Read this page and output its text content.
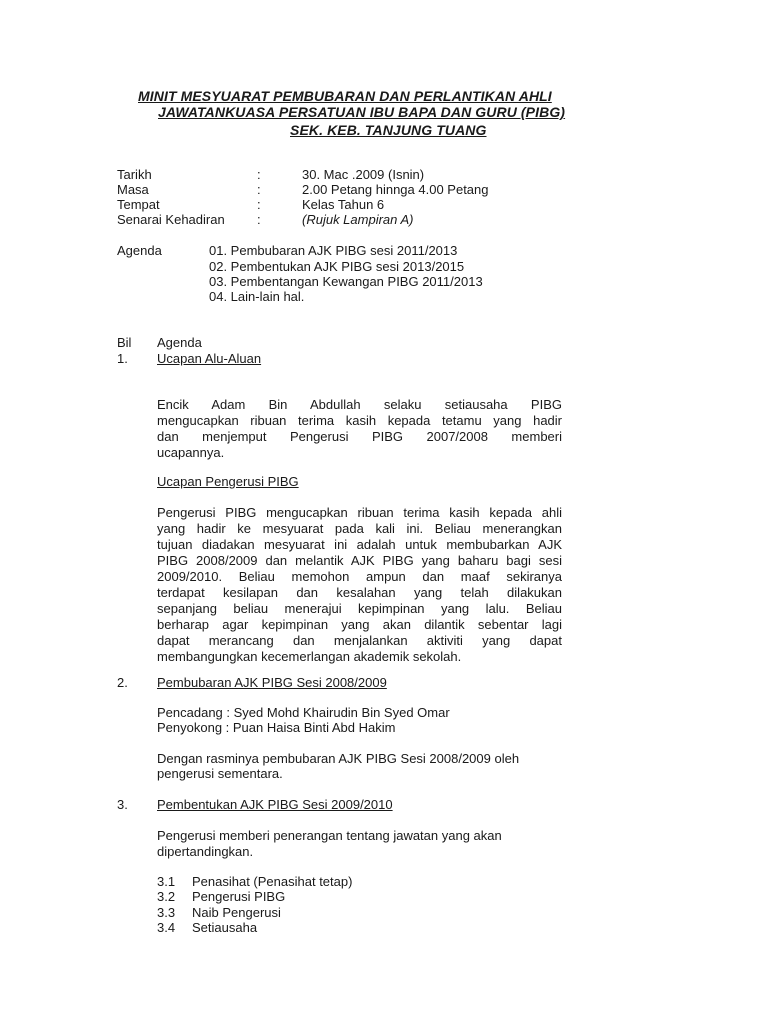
MINIT MESYUARAT PEMBUBARAN DAN PERLANTIKAN AHLI
JAWATANKUASA PERSATUAN IBU BAPA DAN GURU (PIBG)
SEK. KEB. TANJUNG TUANG
Tarikh	:	30. Mac .2009 (Isnin)
Masa	:	2.00 Petang hinnga 4.00 Petang
Tempat	:	Kelas Tahun 6
Senarai Kehadiran :	(Rujuk Lampiran A)
Agenda	01. Pembubaran AJK PIBG sesi 2011/2013
02. Pembentukan AJK PIBG sesi 2013/2015
03. Pembentangan Kewangan PIBG 2011/2013
04. Lain-lain hal.
Bil Agenda
1. Ucapan Alu-Aluan
Encik Adam Bin Abdullah selaku setiausaha PIBG
mengucapkan ribuan terima kasih kepada tetamu yang hadir
dan menjemput Pengerusi PIBG 2007/2008 memberi
ucapannya.
Ucapan Pengerusi PIBG
Pengerusi PIBG mengucapkan ribuan terima kasih kepada ahli
yang hadir ke mesyuarat pada kali ini. Beliau menerangkan
tujuan diadakan mesyuarat ini adalah untuk membubarkan AJK
PIBG 2008/2009 dan melantik AJK PIBG yang baharu bagi sesi
2009/2010. Beliau memohon ampun dan maaf sekiranya
terdapat kesilapan dan kesalahan yang telah dilakukan
sepanjang beliau menerajui kepimpinan yang lalu. Beliau
berharap agar kepimpinan yang akan dilantik sebentar lagi
dapat merancang dan menjalankan aktiviti yang dapat
membangungkan kecemerlangan akademik sekolah.
2. Pembubaran AJK PIBG Sesi 2008/2009
Pencadang : Syed Mohd Khairudin Bin Syed Omar
Penyokong : Puan Haisa Binti Abd Hakim
Dengan rasminya pembubaran AJK PIBG Sesi 2008/2009 oleh
pengerusi sementara.
3. Pembentukan AJK PIBG Sesi 2009/2010
Pengerusi memberi penerangan tentang jawatan yang akan
dipertandingkan.
3.1 Penasihat (Penasihat tetap)
3.2 Pengerusi PIBG
3.3 Naib Pengerusi
3.4 Setiausaha
